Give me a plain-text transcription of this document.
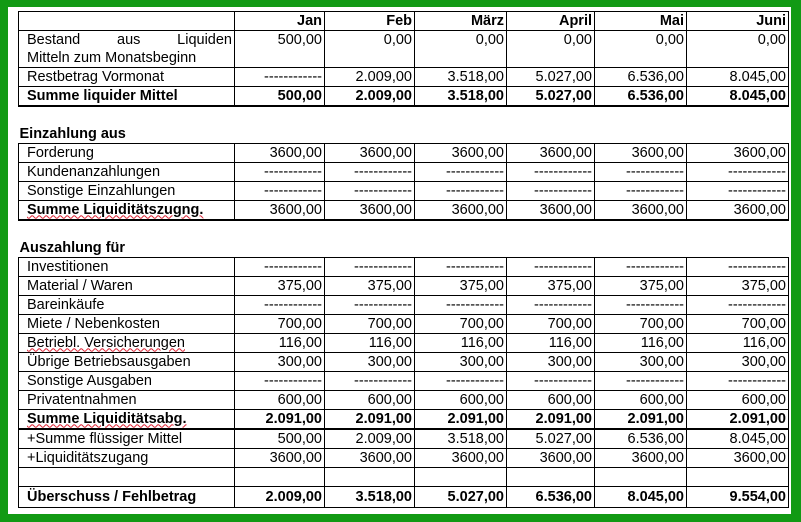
	Jan	Feb	März	April	Mai	Juni

Bestand aus Liquiden
Mitteln zum Monatsbeginn	500,00	0,00	0,00	0,00	0,00	0,00
Restbetrag Vormonat	------------	2.009,00	3.518,00	5.027,00	6.536,00	8.045,00
Summe liquider Mittel	500,00	2.009,00	3.518,00	5.027,00	6.536,00	8.045,00

Einzahlung aus						
Forderung	3600,00	3600,00	3600,00	3600,00	3600,00	3600,00
Kundenanzahlungen	------------	------------	------------	------------	------------	------------
Sonstige Einzahlungen	------------	------------	------------	------------	------------	------------
Summe Liquiditätszugng.	3600,00	3600,00	3600,00	3600,00	3600,00	3600,00

Auszahlung für						
Investitionen	------------	------------	------------	------------	------------	------------
Material / Waren	375,00	375,00	375,00	375,00	375,00	375,00
Bareinkäufe	------------	------------	------------	------------	------------	------------
Miete / Nebenkosten	700,00	700,00	700,00	700,00	700,00	700,00
Betriebl. Versicherungen	116,00	116,00	116,00	116,00	116,00	116,00
Übrige Betriebsausgaben	300,00	300,00	300,00	300,00	300,00	300,00
Sonstige Ausgaben	------------	------------	------------	------------	------------	------------
Privatentnahmen	600,00	600,00	600,00	600,00	600,00	600,00
Summe Liquiditätsabg.	2.091,00	2.091,00	2.091,00	2.091,00	2.091,00	2.091,00
+Summe flüssiger Mittel	500,00	2.009,00	3.518,00	5.027,00	6.536,00	8.045,00
+Liquiditätszugang	3600,00	3600,00	3600,00	3600,00	3600,00	3600,00

Überschuss / Fehlbetrag	2.009,00	3.518,00	5.027,00	6.536,00	8.045,00	9.554,00
